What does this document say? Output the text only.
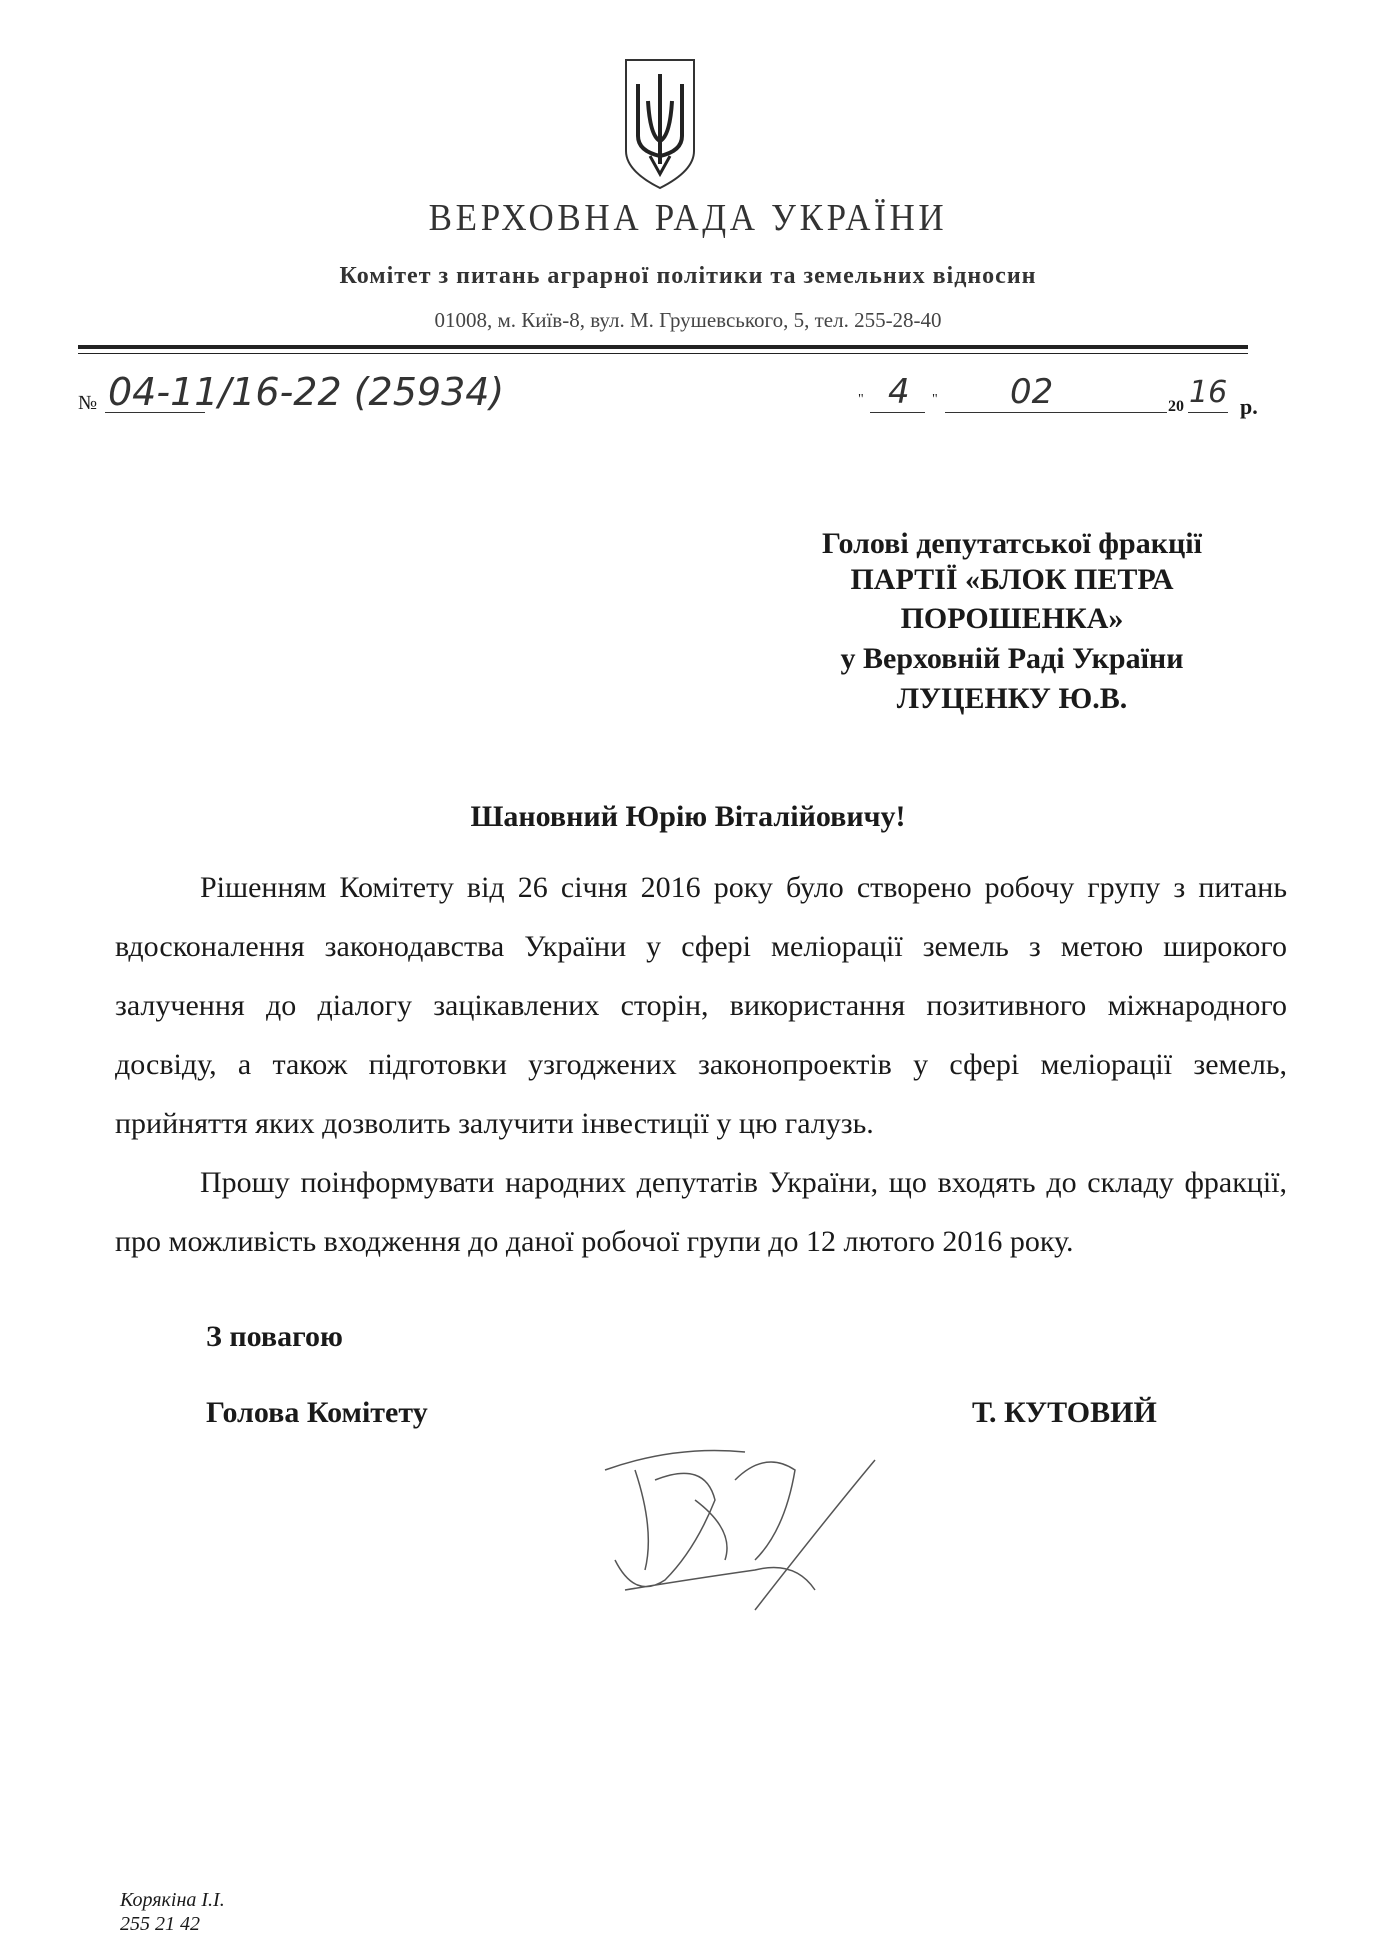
ВЕРХОВНА РАДА УКРАЇНИ
Комітет з питань аграрної політики та земельних відносин
01008, м. Київ-8, вул. М. Грушевського, 5, тел. 255-28-40
№ 04-11/16-22 (25934)	" 4 " 02	20 16 р.
Голові депутатської фракції
ПАРТІЇ «БЛОК ПЕТРА
ПОРОШЕНКА»
у Верховній Раді України
ЛУЦЕНКУ Ю.В.
Шановний Юрію Віталійовичу!

Рішенням Комітету від 26 січня 2016 року було створено робочу групу з питань вдосконалення законодавства України у сфері меліорації земель з метою широкого залучення до діалогу зацікавлених сторін, використання позитивного міжнародного досвіду, а також підготовки узгоджених законопроектів у сфері меліорації земель, прийняття яких дозволить залучити інвестиції у цю галузь.

Прошу поінформувати народних депутатів України, що входять до складу фракції, про можливість входження до даної робочої групи до 12 лютого 2016 року.

З повагою
Голова Комітету	Т. КУТОВИЙ
Корякіна І.І.
255 21 42
